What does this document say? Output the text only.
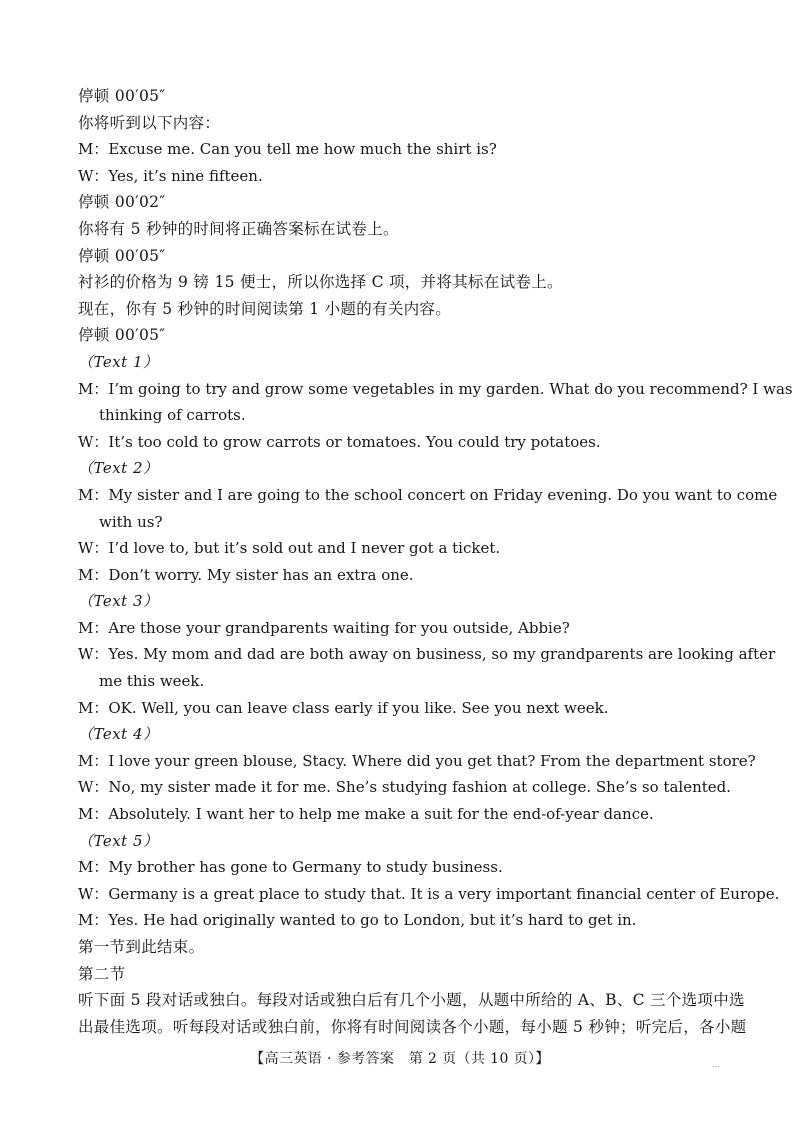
停顿 00′05″
你将听到以下内容：
M：Excuse me. Can you tell me how much the shirt is?
W：Yes, it’s nine fifteen.
停顿 00′02″
你将有 5 秒钟的时间将正确答案标在试卷上。
停顿 00′05″
衬衫的价格为 9 镑 15 便士，所以你选择 C 项，并将其标在试卷上。
现在，你有 5 秒钟的时间阅读第 1 小题的有关内容。
停顿 00′05″
（Text 1）
M：I’m going to try and grow some vegetables in my garden. What do you recommend? I was
thinking of carrots.
W：It’s too cold to grow carrots or tomatoes. You could try potatoes.
（Text 2）
M：My sister and I are going to the school concert on Friday evening. Do you want to come
with us?
W：I’d love to, but it’s sold out and I never got a ticket.
M：Don’t worry. My sister has an extra one.
（Text 3）
M：Are those your grandparents waiting for you outside, Abbie?
W：Yes. My mom and dad are both away on business, so my grandparents are looking after
me this week.
M：OK. Well, you can leave class early if you like. See you next week.
（Text 4）
M：I love your green blouse, Stacy. Where did you get that? From the department store?
W：No, my sister made it for me. She’s studying fashion at college. She’s so talented.
M：Absolutely. I want her to help me make a suit for the end-of-year dance.
（Text 5）
M：My brother has gone to Germany to study business.
W：Germany is a great place to study that. It is a very important financial center of Europe.
M：Yes. He had originally wanted to go to London, but it’s hard to get in.
第一节到此结束。
第二节
听下面 5 段对话或独白。每段对话或独白后有几个小题，从题中所给的 A、B、C 三个选项中选
出最佳选项。听每段对话或独白前，你将有时间阅读各个小题，每小题 5 秒钟；听完后，各小题
【高三英语 · 参考答案　第 2 页（共 10 页）】	…
